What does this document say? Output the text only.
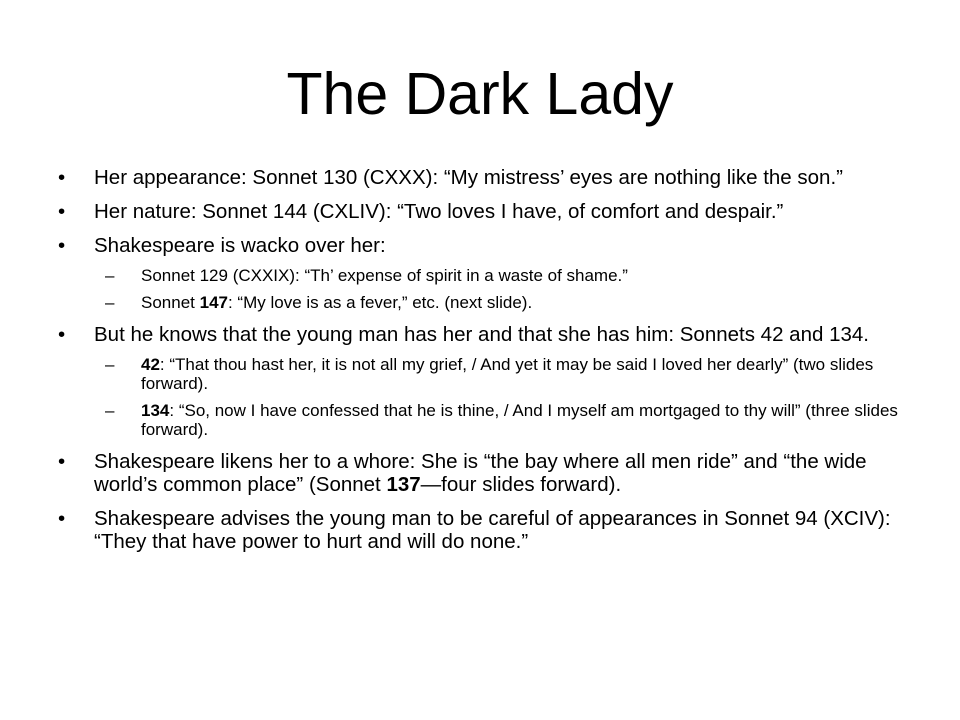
The Dark Lady
•	Her appearance: Sonnet 130 (CXXX): “My mistress’ eyes are nothing like the son.”
•	Her nature: Sonnet 144 (CXLIV): “Two loves I have, of comfort and despair.”
•	Shakespeare is wacko over her:
– Sonnet 129 (CXXIX): “Th’ expense of spirit in a waste of shame.”
– Sonnet 147: “My love is as a fever,” etc. (next slide).
•	But he knows that the young man has her and that she has him: Sonnets 42 and 134.
– 42: “That thou hast her, it is not all my grief, / And yet it may be said I loved her dearly” (two slides forward).
– 134: “So, now I have confessed that he is thine, / And I myself am mortgaged to thy will” (three slides forward).
•	Shakespeare likens her to a whore: She is “the bay where all men ride” and “the wide world’s common place” (Sonnet 137—four slides forward).
•	Shakespeare advises the young man to be careful of appearances in Sonnet 94 (XCIV): “They that have power to hurt and will do none.”
